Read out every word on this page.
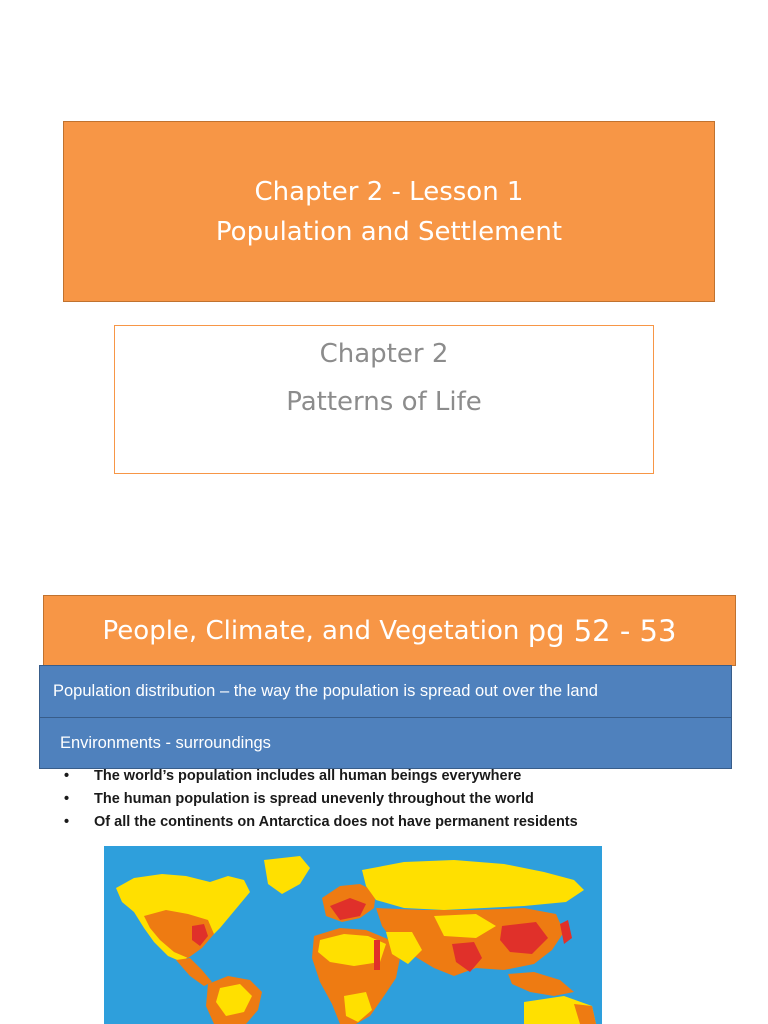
Chapter 2 - Lesson 1
Population and Settlement
Chapter 2
Patterns of Life
People, Climate, and Vegetation pg 52 - 53
Population distribution – the way the population is spread out over the land
Environments - surroundings
•	The world’s population includes all human beings everywhere
•	The human population is spread unevenly throughout the world
•	Of all the continents on Antarctica does not have permanent residents
